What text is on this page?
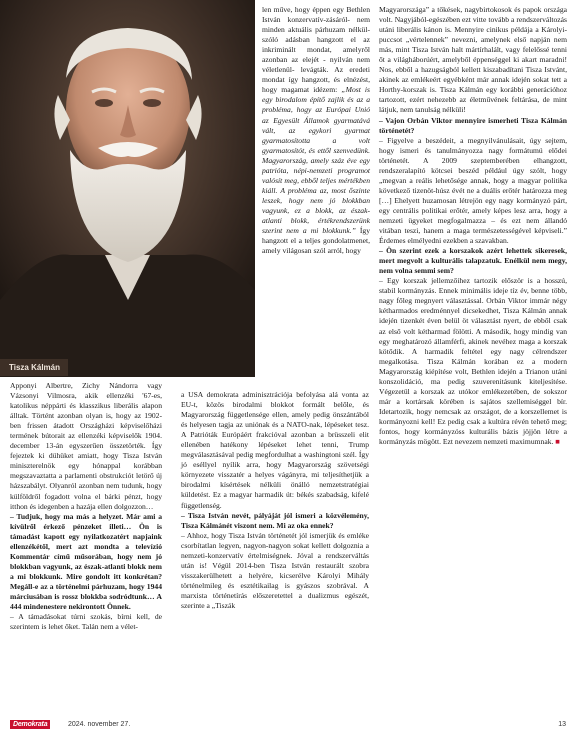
Tisza Kálmán

len műve, hogy éppen egy Bethlen István konzervatív-zásáról- nem minden aktuális párhuzam nélkül- szóló adásban hangzott el az inkriminált mondat, amelyről azonban az elejét - nyilván nem véletlenül- levágták. Az eredeti mondat így hangzott, és elnézést, hogy magamat idézem: „Most is egy birodalom építő zajlik és az a probléma, hogy az Európai Unió az Egyesült Államok gyarmatává vált, az egykori gyarmat gyarmatosította a volt gyarmatosítót, és ettől szenvedünk. Magyarország, amely száz éve egy patrióta, népi-nemzeti programot valósít meg, ebből teljes mértékben kiáll. A probléma az, most őszinte leszek, hogy nem jó blokkban vagyunk, ez a blokk, az észak-atlanti blokk, értékrendszerünk szerint nem a mi blokkunk.” Így hangzott el a teljes gondolatmenet, amely világosan szól arról, hogy

Apponyi Albertre, Zichy Nándorra vagy Vázsonyi Vilmosra, akik ellenzéki '67-es, katolikus néppárti és klasszikus liberális alapon álltak. Történt azonban olyan is, hogy az 1902-ben frissen átadott Országházi képviselőházi termének bútorait az ellenzéki képviselők 1904. december 13-án egyszerűen összetörték. Így fejeztek ki dühüket amiatt, hogy Tisza István miniszterelnök egy hónappal korábban megszavaztatta a parlamenti obstrukciót letörő új házszabályt. Olyanról azonban nem tudunk, hogy külföldről fogadott volna el bárki pénzt, hogy itthon és idegenben a hazája ellen dolgozzon…

– Tudjuk, hogy ma más a helyzet. Már ami a kívülről érkező pénzeket illeti… Ön is támadást kapott egy nyilatkozatért napjaink ellenzékétől, mert azt mondta a televízió Kommentár című műsorában, hogy nem jó blokkban vagyunk, az észak-atlanti blokk nem a mi blokkunk. Mire gondolt itt konkrétan? Megáll-e az a történelmi párhuzam, hogy 1944 márciusában is rossz blokkba sodródtunk… A 444 mindenestere nekirontott Önnek.

– A támadásokat túrni szokás, bírni kell, de szerintem is lehet őket. Talán nem a vélet-

a USA demokrata adminisztrációja befolyása alá vonta az EU-t, közös birodalmi blokkot formált belőle, és Magyarország függetlensége ellen, amely pedig önszántából és helyesen tagja az uniónak és a NATO-nak, lépéseket tesz. A Patrióták Európáért frakcióval azonban a brüsszeli elit ellenében hatékony lépéseket lehet tenni, Trump megválasztásával pedig megfordulhat a washingtoni szél. Így jó eséllyel nyílik arra, hogy Magyarország szövetségi környezete visszatér a helyes vágányra, mi teljesíthetjük a birodalmi kísértések nélküli önálló nemzetstratégiai küldetést. Ez a magyar harmadik út: békés szabadság, kifelé függetlenség.

– Tisza István nevét, pályáját jól ismeri a közvélemény, Tisza Kálmánét viszont nem. Mi az oka ennek?

– Ahhoz, hogy Tisza István történetét jól ismerjük és emléke csorbítatlan legyen, nagyon-nagyon sokat kellett dolgoznia a nemzeti-konzervatív értelmiségnek. Jóval a rendszerváltás után is! Végül 2014-ben Tisza István restaurált szobra visszakerülhetett a helyére, kicserélve Károlyi Mihály történelmileg és esztétikailag is gyászos szobrával. A marxista történetírás előszeretettel a dualizmus egészét, szerinte a „Tiszák

Magyarországa” a tőkések, nagybirtokosok és papok országa volt. Nagyjából-egészében ezt vitte tovább a rendszerváltozás utáni liberális kánon is. Mennyire cinikus példája a Károlyi-puccsot „vértelennek” nevezni, amelynek első napján nem más, mint Tisza István halt mártírhalált, vagy felelőssé tenni őt a világháborúért, amelyből éppenséggel ki akart maradni! Nos, ebből a hazugságból kellett kiszabadítani Tisza Istvánt, akinek az emlékeért egyébként már annak idején sokat tett a Horthy-korszak is. Tisza Kálmán egy korábbi generációhoz tartozott, ezért nehezebb az életművének feltárása, de mint látjuk, nem tanulság nélküli!

– Vajon Orbán Viktor mennyire ismerheti Tisza Kálmán történetét?

– Figyelve a beszédeit, a megnyilvánulásait, úgy sejtem, hogy ismeri és tanulmányozza nagy formátumú elődei történetét. A 2009 szeptemberében elhangzott, rendszeralapító kötcsei beszéd például úgy szólt, hogy „megvan a reális lehetősége annak, hogy a magyar politika következő tizenöt-húsz évét ne a duális erőtér határozza meg […] Ehelyett huzamosan létrejön egy nagy kormányzó párt, egy centrális politikai erőtér, amely képes lesz arra, hogy a nemzeti ügyeket megfogalmazza – és ezt nem állandó vitában teszi, hanem a maga természetességével képviseli.” Érdemes elmélyedni ezekben a szavakban.

– Ön szerint ezek a korszakok azért lehettek sikeresek, mert megvolt a kulturális talapzatuk. Enélkül nem megy, nem volna semmi sem?

– Egy korszak jellemzőihez tartozik először is a hosszú, stabil kormányzás. Ennek minimális ideje tíz év, benne több, nagy főleg megnyert választással. Orbán Viktor immár négy kétharmados eredménnyel dicsekedhet, Tisza Kálmán annak idején tizenkét éven belül öt választást nyert, de ebből csak az első volt kétharmad fölötti. A második, hogy mindig van egy meghatározó államférfi, akinek nevéhez maga a korszak kötődik. A harmadik feltétel egy nagy célrendszer megalkotása. Tisza Kálmán korában ez a modern Magyarország kiépítése volt, Bethlen idején a Trianon utáni konszolidáció, ma pedig szuverenitásunk kiteljesítése. Végezetül a korszak az utókor emlékezetében, de sokszor már a kortársak körében is sajátos szellemiséggel bír. Idetartozik, hogy nemcsak az országot, de a korszellemet is kormányozni kell! Ez pedig csak a kultúra révén tehető meg; fontos, hogy kormányzóss kulturális bázis jöjjön létre a kormányzás mögött. Ezt nevezem nemzeti maximumnak. ■

Demokrata	2024. november 27.	13
